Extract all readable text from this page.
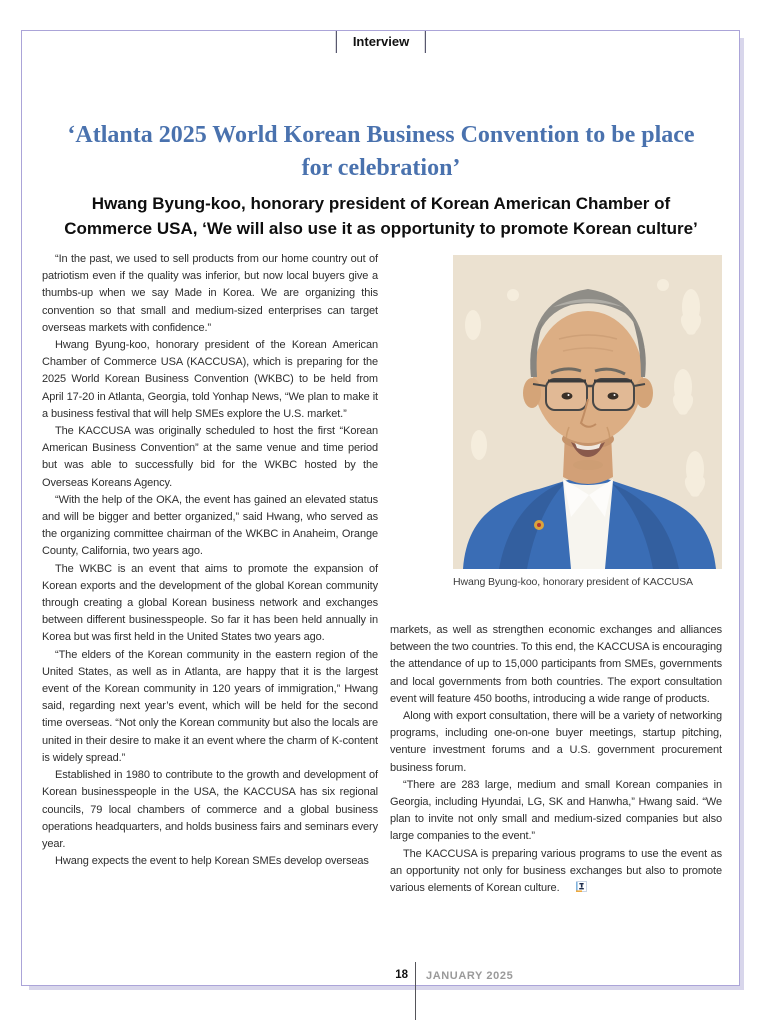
Interview
‘Atlanta 2025 World Korean Business Convention to be place
for celebration’
Hwang Byung-koo, honorary president of Korean American Chamber of
Commerce USA, ‘We will also use it as opportunity to promote Korean culture’

“In the past, we used to sell products from our home country out of patriotism even if the quality was inferior, but now local buyers give a thumbs-up when we say Made in Korea. We are organizing this convention so that small and medium-sized enterprises can target overseas markets with confidence.”

Hwang Byung-koo, honorary president of the Korean American Chamber of Commerce USA (KACCUSA), which is preparing for the 2025 World Korean Business Convention (WKBC) to be held from April 17-20 in Atlanta, Georgia, told Yonhap News, “We plan to make it a business festival that will help SMEs explore the U.S. market.”

The KACCUSA was originally scheduled to host the first “Korean American Business Convention” at the same venue and time period but was able to successfully bid for the WKBC hosted by the Overseas Koreans Agency.

“With the help of the OKA, the event has gained an elevated status and will be bigger and better organized,” said Hwang, who served as the organizing committee chairman of the WKBC in Anaheim, Orange County, California, two years ago.

The WKBC is an event that aims to promote the expansion of Korean exports and the development of the global Korean community through creating a global Korean business network and exchanges between different businesspeople. So far it has been held annually in Korea but was first held in the United States two years ago.

“The elders of the Korean community in the eastern region of the United States, as well as in Atlanta, are happy that it is the largest event of the Korean community in 120 years of immigration,” Hwang said, regarding next year’s event, which will be held for the second time overseas. “Not only the Korean community but also the locals are united in their desire to make it an event where the charm of K-content is widely spread.”

Established in 1980 to contribute to the growth and development of Korean businesspeople in the USA, the KACCUSA has six regional councils, 79 local chambers of commerce and a global business operations headquarters, and holds business fairs and seminars every year.

Hwang expects the event to help Korean SMEs develop overseas

Hwang Byung-koo, honorary president of KACCUSA

markets, as well as strengthen economic exchanges and alliances between the two countries. To this end, the KACCUSA is encouraging the attendance of up to 15,000 participants from SMEs, governments and local governments from both countries. The export consultation event will feature 450 booths, introducing a wide range of products.

Along with export consultation, there will be a variety of networking programs, including one-on-one buyer meetings, startup pitching, venture investment forums and a U.S. government procurement business forum.

“There are 283 large, medium and small Korean companies in Georgia, including Hyundai, LG, SK and Hanwha,” Hwang said. “We plan to invite not only small and medium-sized companies but also large companies to the event.”

The KACCUSA is preparing various programs to use the event as an opportunity not only for business exchanges but also to promote various elements of Korean culture.

18 JANUARY 2025
